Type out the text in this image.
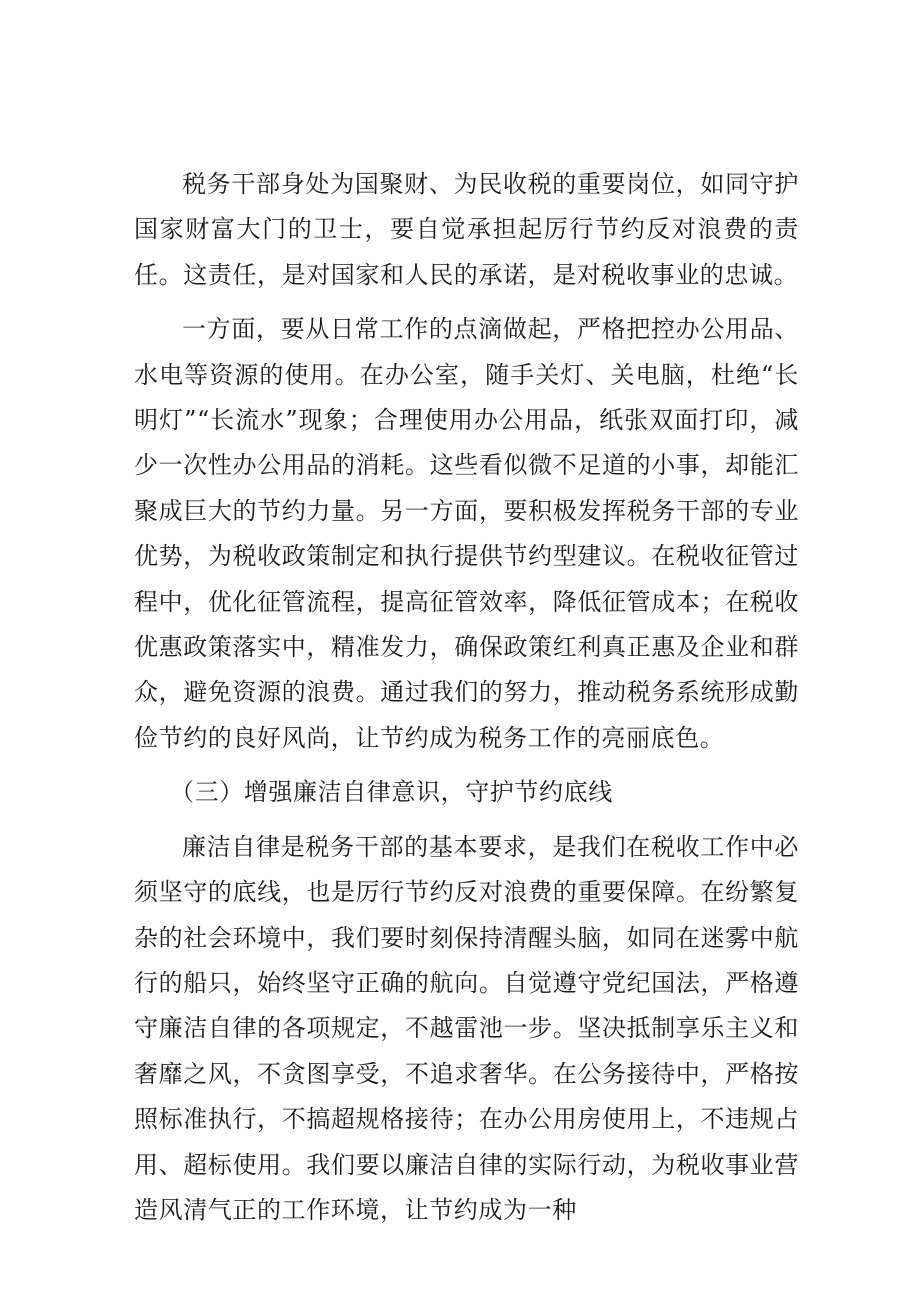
税务干部身处为国聚财、为民收税的重要岗位，如同守护国家财富大门的卫士，要自觉承担起厉行节约反对浪费的责任。这责任，是对国家和人民的承诺，是对税收事业的忠诚。

一方面，要从日常工作的点滴做起，严格把控办公用品、水电等资源的使用。在办公室，随手关灯、关电脑，杜绝“长明灯”“长流水”现象；合理使用办公用品，纸张双面打印，减少一次性办公用品的消耗。这些看似微不足道的小事，却能汇聚成巨大的节约力量。另一方面，要积极发挥税务干部的专业优势，为税收政策制定和执行提供节约型建议。在税收征管过程中，优化征管流程，提高征管效率，降低征管成本；在税收优惠政策落实中，精准发力，确保政策红利真正惠及企业和群众，避免资源的浪费。通过我们的努力，推动税务系统形成勤俭节约的良好风尚，让节约成为税务工作的亮丽底色。

（三）增强廉洁自律意识，守护节约底线

廉洁自律是税务干部的基本要求，是我们在税收工作中必须坚守的底线，也是厉行节约反对浪费的重要保障。在纷繁复杂的社会环境中，我们要时刻保持清醒头脑，如同在迷雾中航行的船只，始终坚守正确的航向。自觉遵守党纪国法，严格遵守廉洁自律的各项规定，不越雷池一步。坚决抵制享乐主义和奢靡之风，不贪图享受，不追求奢华。在公务接待中，严格按照标准执行，不搞超规格接待；在办公用房使用上，不违规占用、超标使用。我们要以廉洁自律的实际行动，为税收事业营造风清气正的工作环境，让节约成为一种
